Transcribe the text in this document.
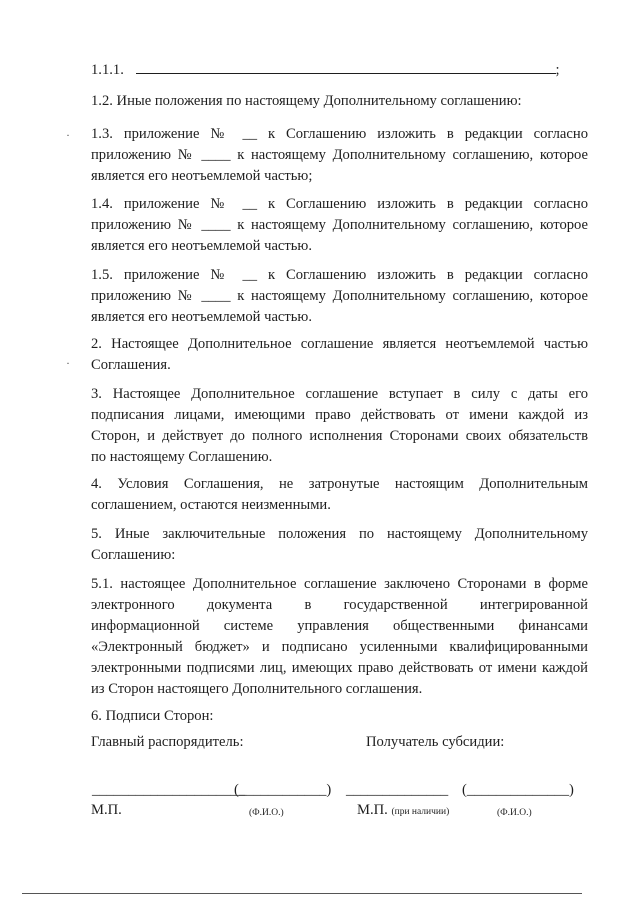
1.1.1.	;
1.2. Иные положения по настоящему Дополнительному соглашению:
1.3. приложение № __ к Соглашению изложить в редакции согласно
приложению № ____ к настоящему Дополнительному соглашению, которое
является его неотъемлемой частью;
1.4. приложение № __ к Соглашению изложить в редакции согласно
приложению № ____ к настоящему Дополнительному соглашению, которое
является его неотъемлемой частью.
1.5. приложение № __ к Соглашению изложить в редакции согласно
приложению № ____ к настоящему Дополнительному соглашению, которое
является его неотъемлемой частью.
2. Настоящее Дополнительное соглашение является неотъемлемой частью
Соглашения.
3. Настоящее Дополнительное соглашение вступает в силу с даты его
подписания лицами, имеющими право действовать от имени каждой из
Сторон, и действует до полного исполнения Сторонами своих обязательств
по настоящему Соглашению.
4. Условия Соглашения, не затронутые настоящим Дополнительным
соглашением, остаются неизменными.
5. Иные заключительные положения по настоящему Дополнительному
Соглашению:
5.1. настоящее Дополнительное соглашение заключено Сторонами в форме
электронного документа в государственной интегрированной
информационной системе управления общественными финансами
«Электронный бюджет» и подписано усиленными квалифицированными
электронными подписями лиц, имеющих право действовать от имени каждой
из Сторон настоящего Дополнительного соглашения.
6. Подписи Сторон:
Главный распорядитель:	Получатель субсидии:
_____________________
(____________) ______________ (______________)
М.П.	(Ф.И.О.)	М.П. (при наличии)	(Ф.И.О.)
·
·
